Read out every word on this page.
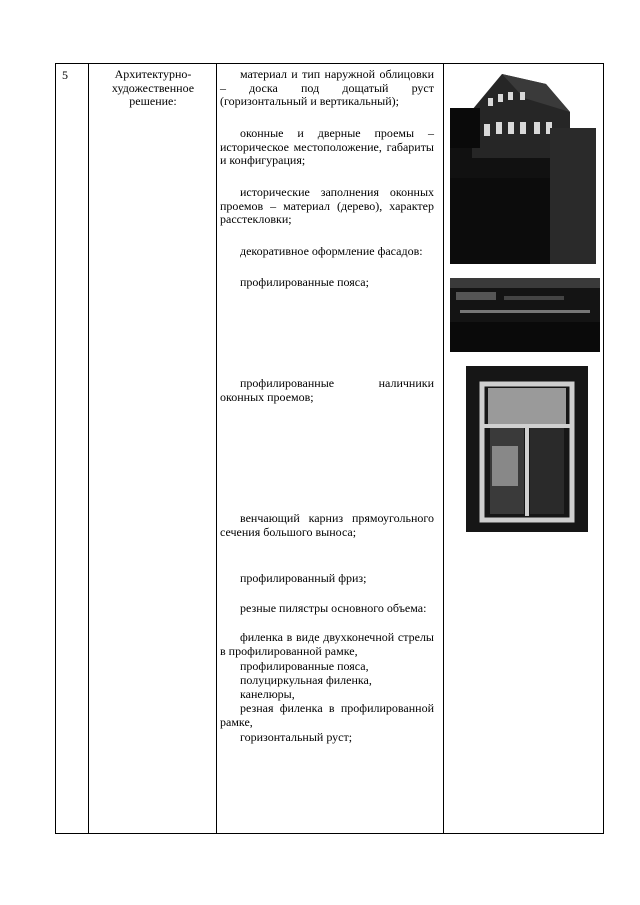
5	Архитектурно-художественное решение:

материал и тип наружной облицовки – доска под дощатый руст (горизонтальный и вертикальный);

оконные и дверные проемы – историческое местоположение, габариты и конфигурация;

исторические заполнения оконных проемов – материал (дерево), характер расстекловки;

декоративное оформление фасадов:

профилированные пояса;

профилированные наличники оконных проемов;

венчающий карниз прямоугольного сечения большого выноса;

профилированный фриз;

резные пилястры основного объема:

филенка в виде двухконечной стрелы в профилированной рамке,

профилированные пояса,

полуциркульная филенка,

канелюры,

резная филенка в профилированной рамке,

горизонтальный руст;
